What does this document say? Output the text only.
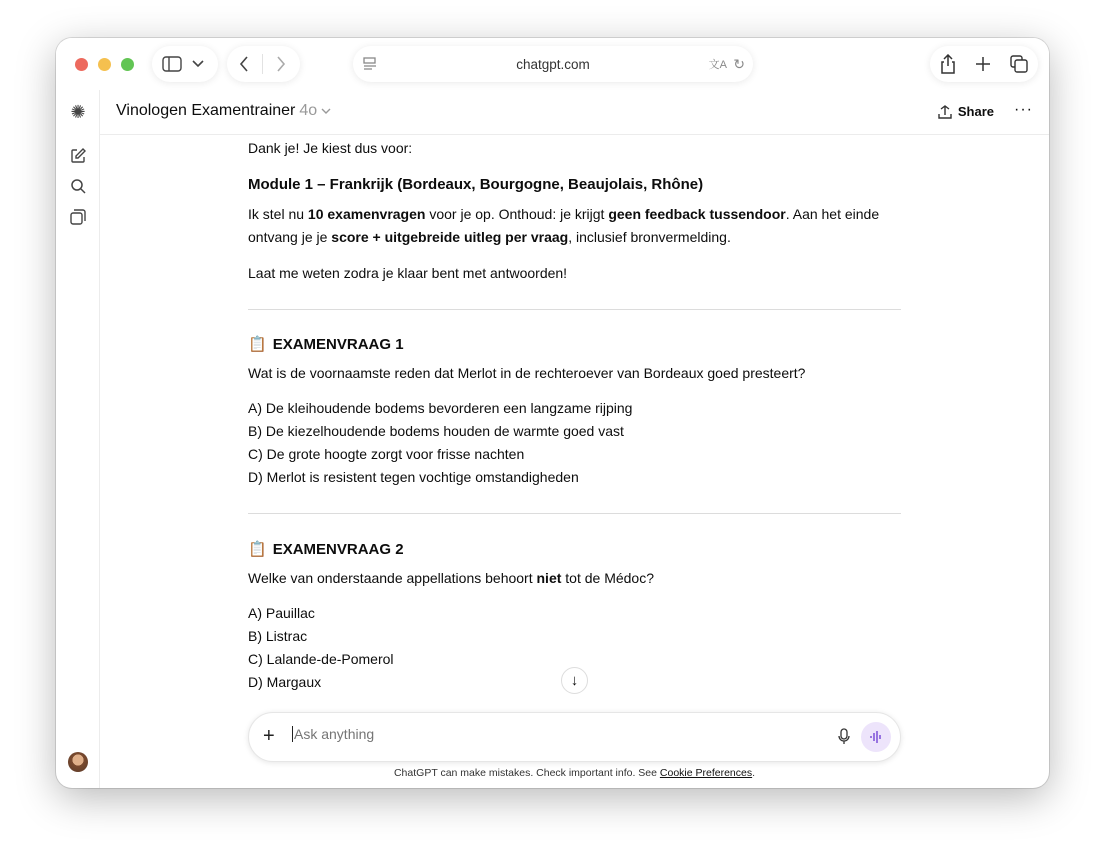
chatgpt.com	文A ↻
✺ Vinologen Examentrainer 4o	Share ···

Dank je! Je kiest dus voor:

Module 1 – Frankrijk (Bordeaux, Bourgogne, Beaujolais, Rhône)

Ik stel nu 10 examenvragen voor je op. Onthoud: je krijgt geen feedback tussendoor. Aan het einde ontvang je je score + uitgebreide uitleg per vraag, inclusief bronvermelding.

Laat me weten zodra je klaar bent met antwoorden!

📋 EXAMENVRAAG 1

Wat is de voornaamste reden dat Merlot in de rechteroever van Bordeaux goed presteert?

A) De kleihoudende bodems bevorderen een langzame rijping

B) De kiezelhoudende bodems houden de warmte goed vast

C) De grote hoogte zorgt voor frisse nachten

D) Merlot is resistent tegen vochtige omstandigheden

📋 EXAMENVRAAG 2

Welke van onderstaande appellations behoort niet tot de Médoc?

A) Pauillac

B) Listrac

C) Lalande-de-Pomerol

D) Margaux	↓
+
Ask anything
ChatGPT can make mistakes. Check important info. See Cookie Preferences.
